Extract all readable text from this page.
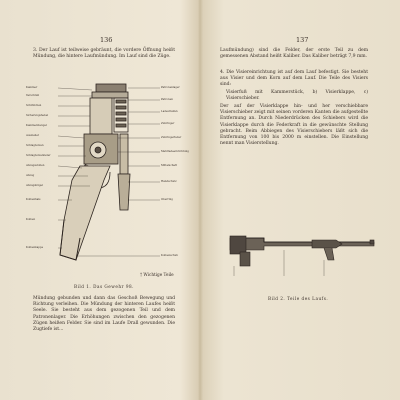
136
3. Der Lauf ist teilweise gebräunt, die vordere Öffnung heißt Mündung, die hintere Laufmündung. Im Lauf sind die Züge.
Kammer
Verschluß
Schlößchen
Sicherungshebel
Kammerstengel
Auszieher
Schlagbolzen
Schlagbolzenfeder
Abzugsstollen
Abzug
Abzugsbügel
Kolbenhals
Kolben
Kolbenkappe
Patronenlager
Patronen
Ladestreifen
Zubringer
Zubringerfeder
Mehrladeeinrichtung
Mittelschaft
Handschutz
Oberring
Kolbenschuh
† Wichtige Teile
Bild 1. Das Gewehr 98.
Mündung gebunden und dann das Geschoß Bewegung und Richtung verleihen. Die Mündung der hinteren Laufes heißt Seele. Sie besteht aus dem gezogenen Teil und dem Patronenlager. Die Erhöhungen zwischen den gezogenen Zügen heißen Felder. Sie sind im Laufe Drall gewunden. Die Zugtiefe ist...
137
Laufmündung) sind die Felder, der erste Teil zu dem gemessenen Abstand heißt Kaliber. Das Kaliber beträgt 7,9 mm.
4. Die Visiereinrichtung ist auf dem Lauf befestigt. Sie besteht aus Visier und dem Korn auf dem Lauf. Die Teile des Visiers sind:
Visierfuß mit Kammerstück, b) Visierklappe, c) Visierschieber.
Der auf der Visierklappe hin- und her verschiebbare Visierschieber zeigt mit seinen vorderen Kanten die aufgestellte Entfernung an. Durch Niederdrücken des Schiebers wird die Visierklappe durch die Federkraft in die gewünschte Stellung gebracht. Beim Abbiegen des Visierschiebers läßt sich die Entfernung von 100 bis 2000 m einstellen. Die Einstellung nennt man Visierstellung.
Bild 2. Teile des Laufs.
